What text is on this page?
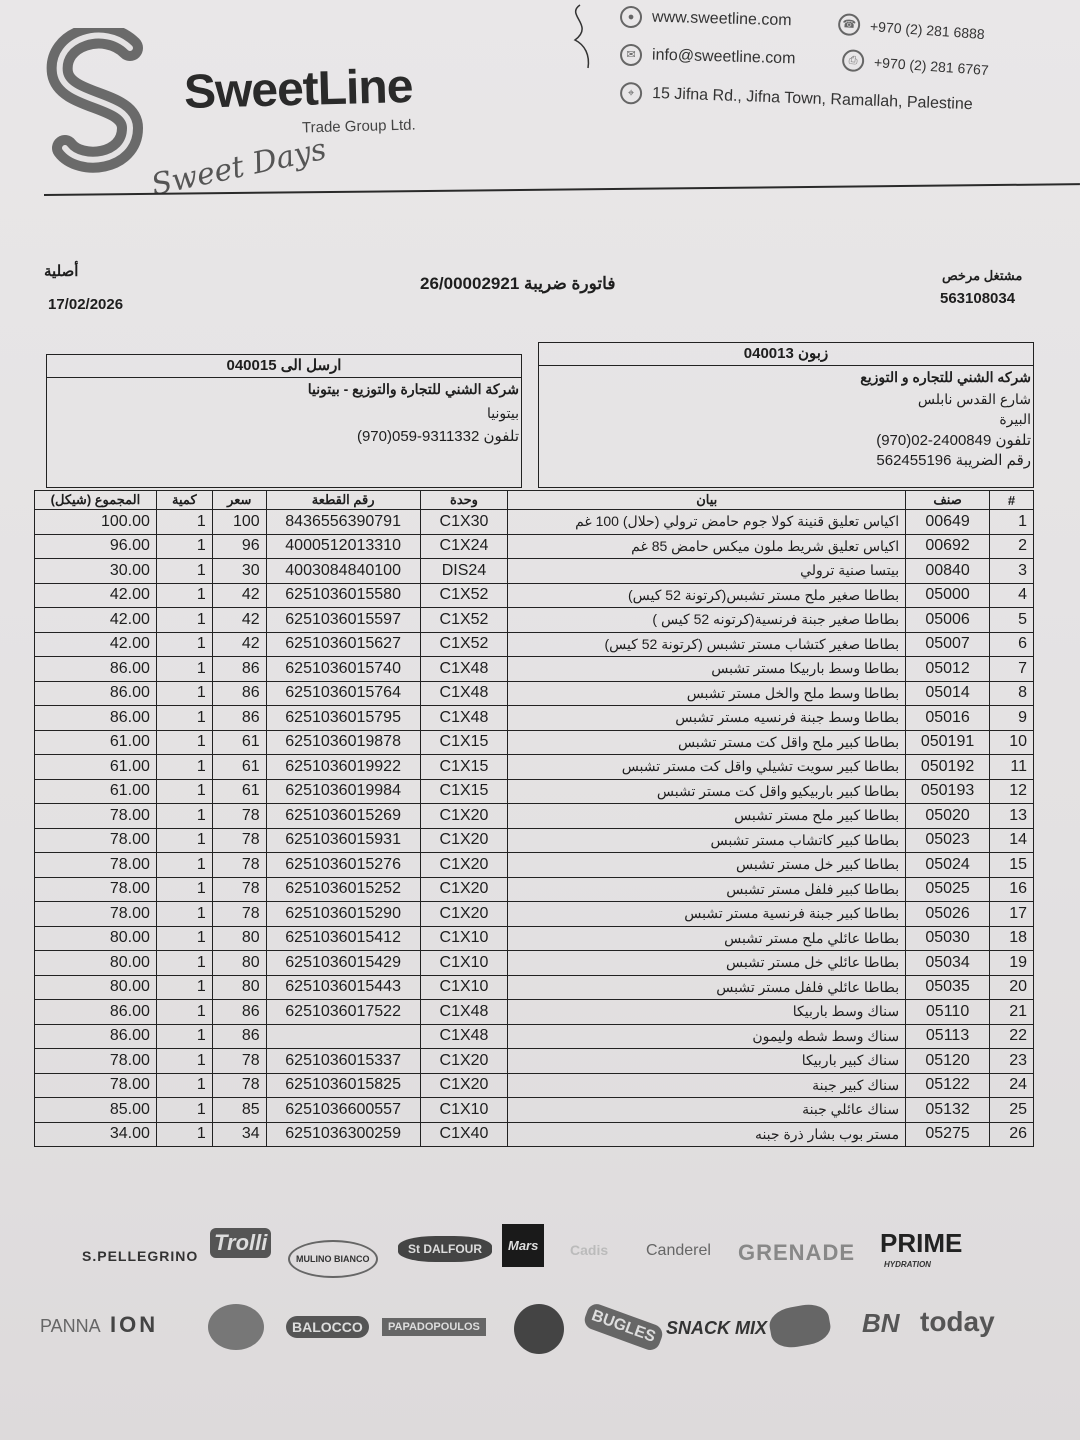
SweetLine
Trade Group Ltd.
Sweet Days
●	www.sweetline.com
✉	info@sweetline.com
⌖	15 Jifna Rd., Jifna Town, Ramallah, Palestine
☎ +970 (2) 281 6888
⎙	+970 (2) 281 6767
أصلية
17/02/2026
فاتورة ضريبة 26/00002921	مشتغل مرخص
563108034
ارسل الى 040015
شركة الشني للتجارة والتوزيع - بيتونيا
بيتونيا
تلفون 9311332-059(970)
زبون 040013
شركه الشني للتجاره و التوزيع
شارع القدس نابلس
البيرة
تلفون 2400849-02(970)
رقم الضريبة 562455196
المجموع (شيكل)	كمية	سعر	رقم القطعة	وحدة	بيان	صنف	#
100.00	1	100	8436556390791	C1X30	اكياس تعليق قنينة كولا جوم حامض ترولي (حلال) 100 غم	00649	1
96.00	1	96	4000512013310	C1X24	اكياس تعليق شريط ملون ميكس حامض 85 غم	00692	2
30.00	1	30	4003084840100	DIS24	بيتسا صنية ترولي	00840	3
42.00	1	42	6251036015580	C1X52	بطاطا صغير ملح مستر تشبس(كرتونة 52 كيس)	05000	4
42.00	1	42	6251036015597	C1X52	بطاطا صغير جبنة فرنسية(كرتونه 52 كيس )	05006	5
42.00	1	42	6251036015627	C1X52	بطاطا صغير كتشاب مستر تشبس (كرتونة 52 كيس)	05007	6
86.00	1	86	6251036015740	C1X48	بطاطا وسط باربيكا مستر تشبس	05012	7
86.00	1	86	6251036015764	C1X48	بطاطا وسط ملح والخل مستر تشبس	05014	8
86.00	1	86	6251036015795	C1X48	بطاطا وسط جبنة فرنسيه مستر تشبس	05016	9
61.00	1	61	6251036019878	C1X15	بطاطا كبير ملح واقل كت مستر تشبس	050191	10
61.00	1	61	6251036019922	C1X15	بطاطا كبير سويت تشيلي واقل كت مستر تشبس	050192	11
61.00	1	61	6251036019984	C1X15	بطاطا كبير باربيكيو واقل كت مستر تشبس	050193	12
78.00	1	78	6251036015269	C1X20	بطاطا كبير ملح مستر تشبس	05020	13
78.00	1	78	6251036015931	C1X20	بطاطا كبير كاتشاب مستر تشبس	05023	14
78.00	1	78	6251036015276	C1X20	بطاطا كبير خل مستر تشبس	05024	15
78.00	1	78	6251036015252	C1X20	بطاطا كبير فلفل مستر تشبس	05025	16
78.00	1	78	6251036015290	C1X20	بطاطا كبير جبنة فرنسية مستر تشبس	05026	17
80.00	1	80	6251036015412	C1X10	بطاطا عائلي ملح مستر تشبس	05030	18
80.00	1	80	6251036015429	C1X10	بطاطا عائلي خل مستر تشبس	05034	19
80.00	1	80	6251036015443	C1X10	بطاطا عائلي فلفل مستر تشبس	05035	20
86.00	1	86	6251036017522	C1X48	سناك وسط باربيكا	05110	21
86.00	1	86		C1X48	سناك وسط شطه وليمون	05113	22
78.00	1	78	6251036015337	C1X20	سناك كبير باربيكا	05120	23
78.00	1	78	6251036015825	C1X20	سناك كبير جبنة	05122	24
85.00	1	85	6251036600557	C1X10	سناك عائلي جبنة	05132	25
34.00	1	34	6251036300259	C1X40	مستر بوب بشار ذرة جبنه	05275	26
S.PELLEGRINO
Trolli
MULINO BIANCO
St DALFOUR	Mars	Cadis Canderel GRENADE PRIME
HYDRATION
PANNA ION	BALOCCO	PAPADOPOULOS	BUGLES SNACK MIX	BN today
